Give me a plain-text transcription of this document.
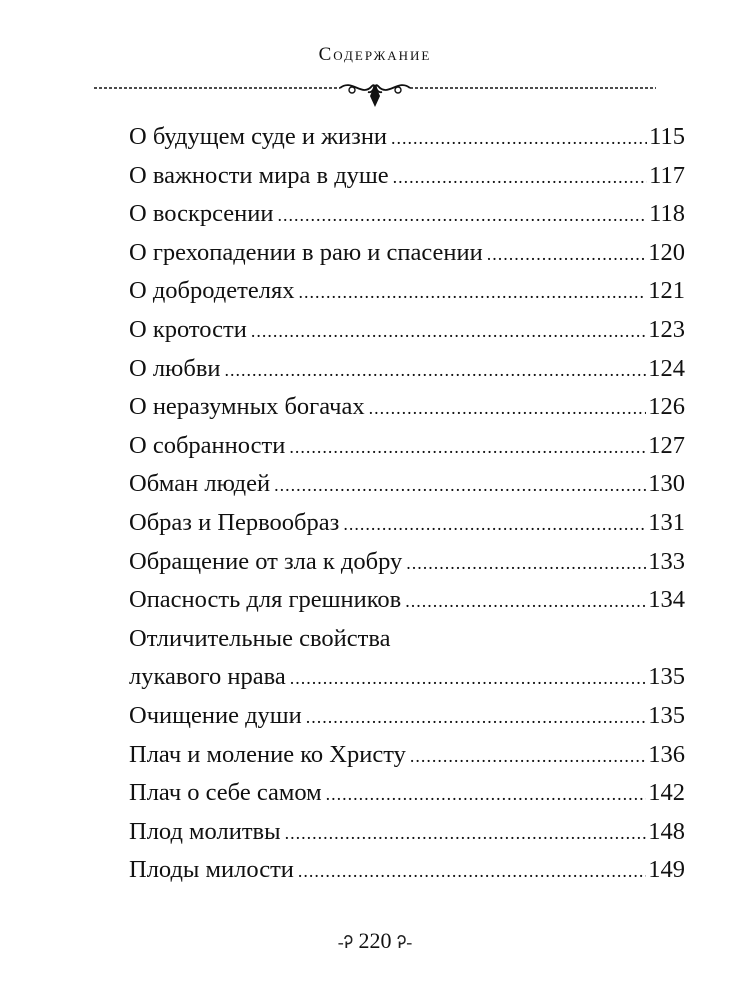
Содержание
О будущем суде и жизни .....	115
О важности мира в душе .....	117
О воскрсении .....	118
О грехопадении в раю и спасении .....	120
О добродетелях .....	121
О кротости .....	123
О любви .....	124
О неразумных богачах .....	126
О собранности .....	127
Обман людей .....	130
Образ и Первообраз .....	131
Обращение от зла к добру .....	133
Опасность для грешников .....	134
Отличительные свойства
лукавого нрава .....	135
Очищение души .....	135
Плач и моление ко Христу .....	136
Плач о себе самом .....	142
Плод молитвы .....	148
Плоды милости .....	149
-Ꭾ 220 Ꭾ-
